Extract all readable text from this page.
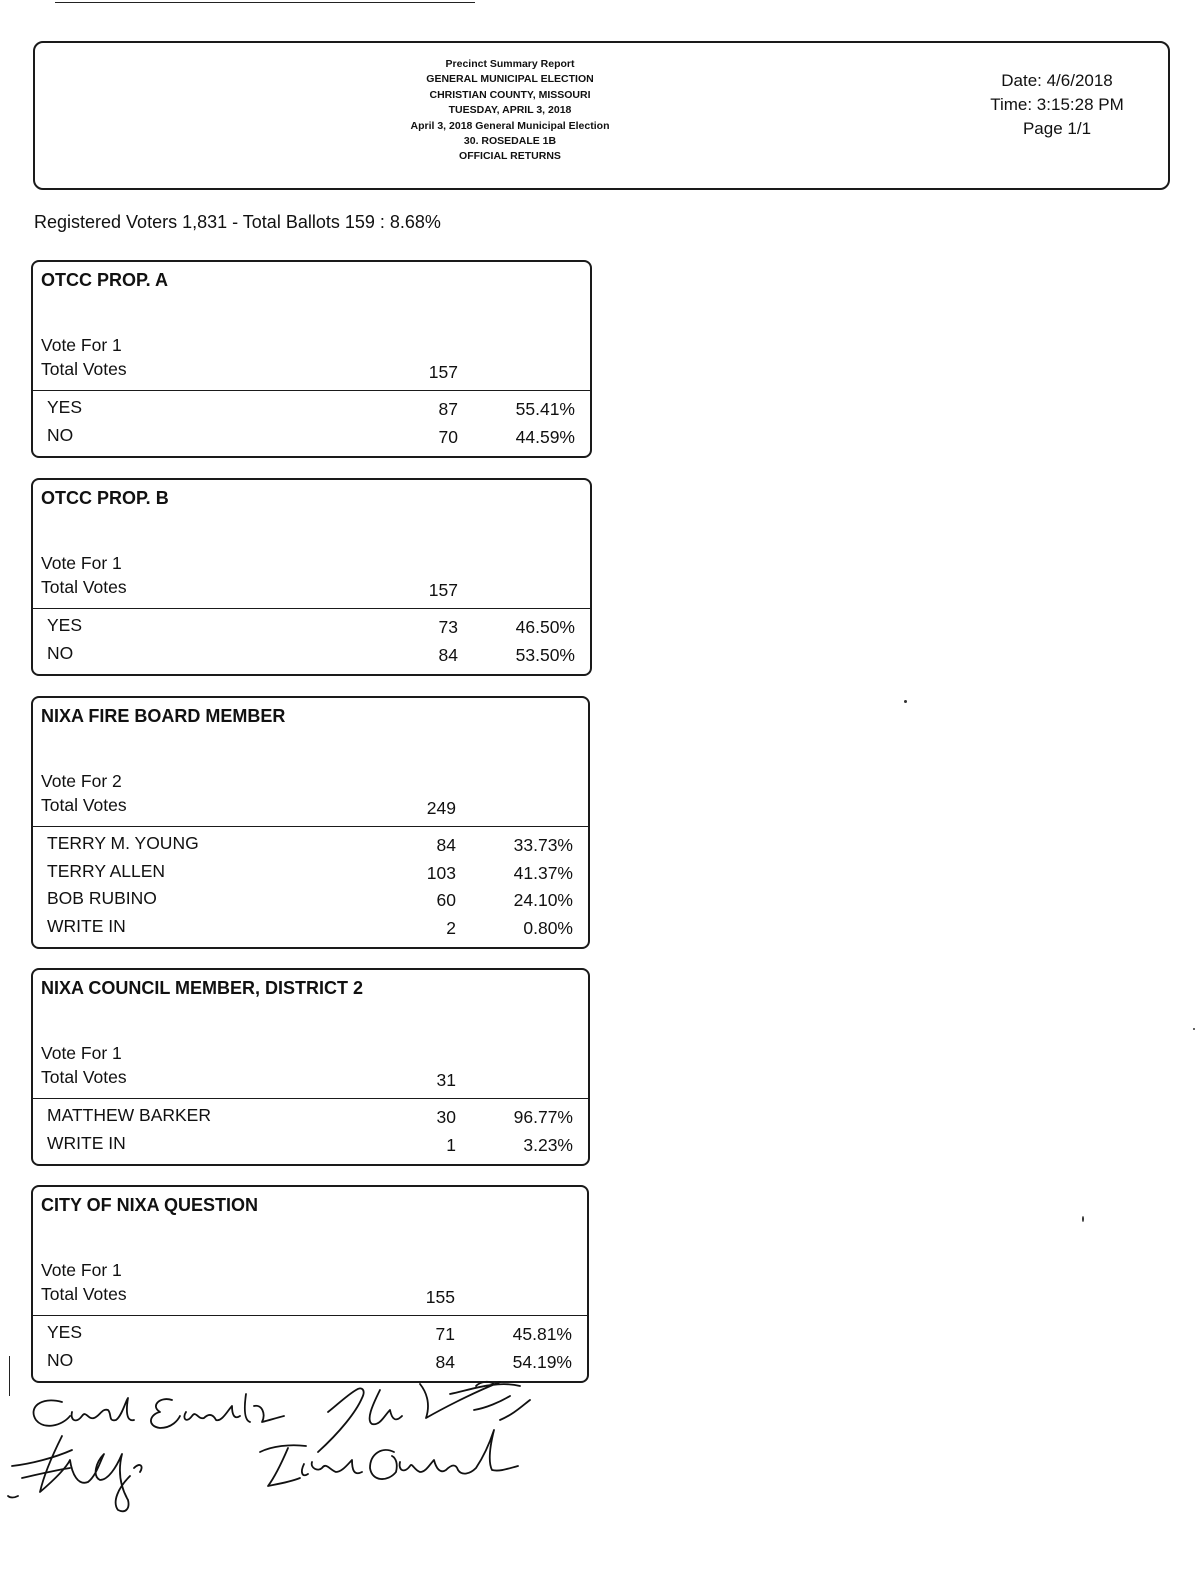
Precinct Summary Report
GENERAL MUNICIPAL ELECTION
CHRISTIAN COUNTY, MISSOURI
TUESDAY, APRIL 3, 2018
April 3, 2018 General Municipal Election
30. ROSEDALE 1B
OFFICIAL RETURNS
Date: 4/6/2018
Time: 3:15:28 PM
Page 1/1
Registered Voters 1,831 - Total Ballots 159 : 8.68%
OTCC PROP. A
Vote For 1
Total Votes	157
YES	87	55.41%
NO	70	44.59%
OTCC PROP. B
Vote For 1
Total Votes	157
YES	73	46.50%
NO	84	53.50%
NIXA FIRE BOARD MEMBER
Vote For 2
Total Votes	249
TERRY M. YOUNG	84	33.73%
TERRY ALLEN	103	41.37%
BOB RUBINO	60	24.10%
WRITE IN	2	0.80%
NIXA COUNCIL MEMBER, DISTRICT 2
Vote For 1
Total Votes	31
MATTHEW BARKER	30	96.77%
WRITE IN	1	3.23%
CITY OF NIXA QUESTION
Vote For 1
Total Votes	155
YES	71	45.81%
NO	84	54.19%
